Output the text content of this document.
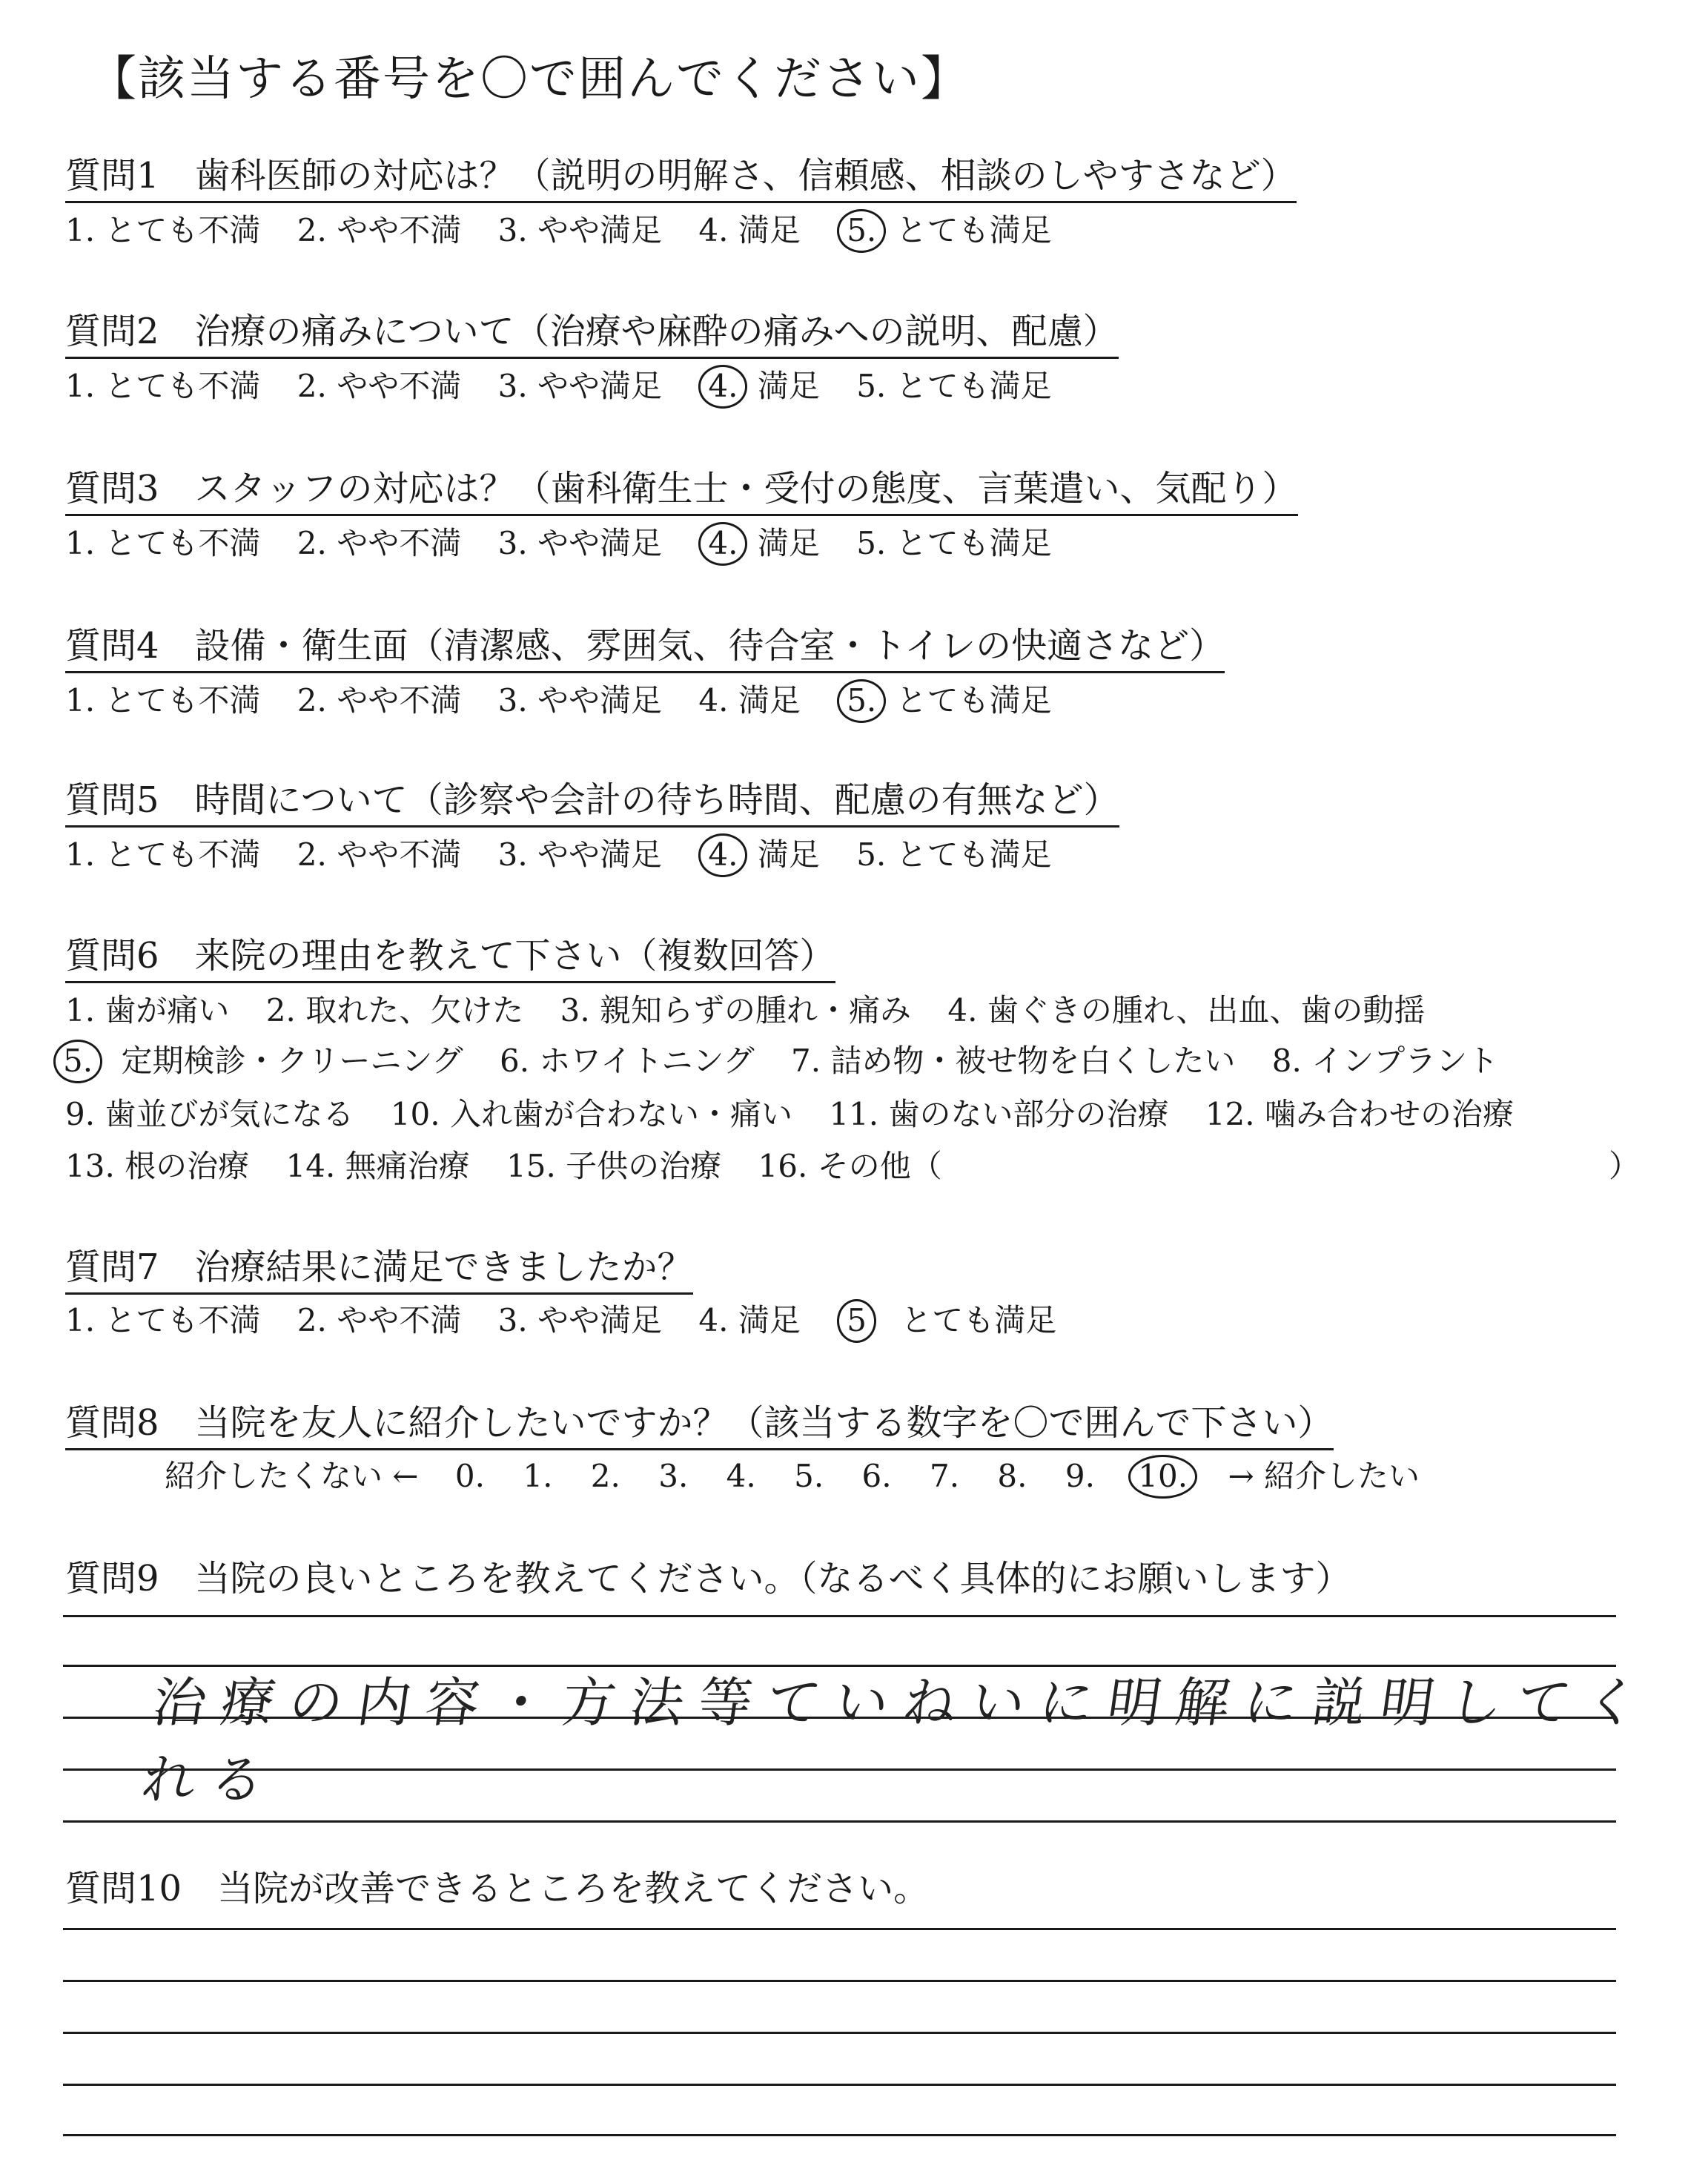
【該当する番号を〇で囲んでください】
質問1　歯科医師の対応は？（説明の明解さ、信頼感、相談のしやすさなど）
1. とても不満 2. やや不満 3. やや満足 4. 満足 5. とても満足
質問2　治療の痛みについて（治療や麻酔の痛みへの説明、配慮）
1. とても不満 2. やや不満 3. やや満足 4. 満足 5. とても満足
質問3　スタッフの対応は？（歯科衛生士・受付の態度、言葉遣い、気配り）
1. とても不満 2. やや不満 3. やや満足 4. 満足 5. とても満足
質問4　設備・衛生面（清潔感、雰囲気、待合室・トイレの快適さなど）
1. とても不満 2. やや不満 3. やや満足 4. 満足 5. とても満足
質問5　時間について（診察や会計の待ち時間、配慮の有無など）
1. とても不満 2. やや不満 3. やや満足 4. 満足 5. とても満足
質問6　来院の理由を教えて下さい（複数回答）
1. 歯が痛い 2. 取れた、欠けた 3. 親知らずの腫れ・痛み 4. 歯ぐきの腫れ、出血、歯の動揺
5. 定期検診・クリーニング 6. ホワイトニング 7. 詰め物・被せ物を白くしたい 8. インプラント
9. 歯並びが気になる 10. 入れ歯が合わない・痛い 11. 歯のない部分の治療 12. 噛み合わせの治療
13. 根の治療 14. 無痛治療 15. 子供の治療 16. その他（	）
質問7　治療結果に満足できましたか？
1. とても不満 2. やや不満 3. やや満足 4. 満足 5 とても満足
質問8　当院を友人に紹介したいですか？（該当する数字を〇で囲んで下さい）
紹介したくない ← 0. 1. 2. 3. 4. 5. 6. 7. 8. 9. 10. → 紹介したい
質問9　当院の良いところを教えてください。（なるべく具体的にお願いします）
治療の内容・方法等ていねいに明解に説明してくれる
質問10　当院が改善できるところを教えてください。
